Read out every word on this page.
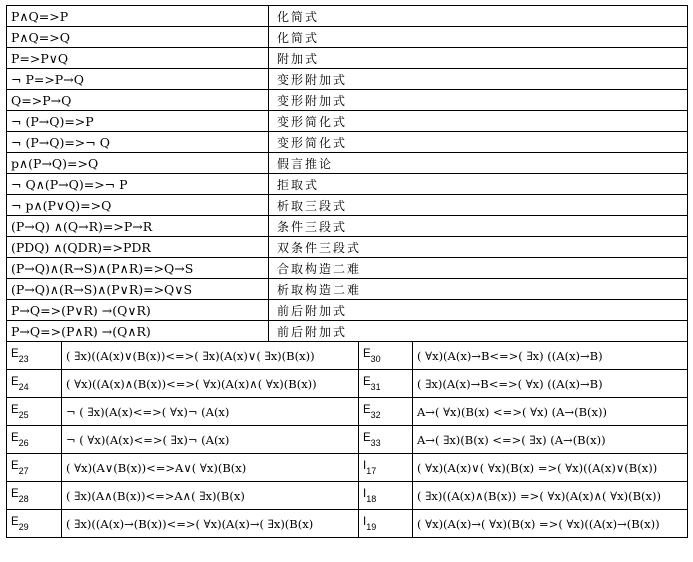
P∧Q=>P	化简式
P∧Q=>Q	化简式
P=>P∨Q	附加式
¬ P=>P→Q	变形附加式
Q=>P→Q	变形附加式
¬ (P→Q)=>P	变形简化式
¬ (P→Q)=>¬ Q	变形简化式
p∧(P→Q)=>Q	假言推论
¬ Q∧(P→Q)=>¬ P	拒取式
¬ p∧(P∨Q)=>Q	析取三段式
(P→Q) ∧(Q→R)=>P→R	条件三段式
(PDQ) ∧(QDR)=>PDR	双条件三段式
(P→Q)∧(R→S)∧(P∧R)=>Q→S	合取构造二难
(P→Q)∧(R→S)∧(P∨R)=>Q∨S	析取构造二难
P→Q=>(P∨R) →(Q∨R)	前后附加式
P→Q=>(P∧R) →(Q∧R)	前后附加式
$E_{23}$	( ∃x)((A(x)∨(B(x))<=>( ∃x)(A(x)∨( ∃x)(B(x))	$E_{30}$	( ∀x)(A(x)→B<=>( ∃x) ((A(x)→B)
$E_{24}$	( ∀x)((A(x)∧(B(x))<=>( ∀x)(A(x)∧( ∀x)(B(x))	$E_{31}$	( ∃x)(A(x)→B<=>( ∀x) ((A(x)→B)
$E_{25}$	¬ ( ∃x)(A(x)<=>( ∀x)¬ (A(x)	$E_{32}$	A→( ∀x)(B(x) <=>( ∀x) (A→(B(x))
$E_{26}$	¬ ( ∀x)(A(x)<=>( ∃x)¬ (A(x)	$E_{33}$	A→( ∃x)(B(x) <=>( ∃x) (A→(B(x))
$E_{27}$	( ∀x)(A∨(B(x))<=>A∨( ∀x)(B(x)	$I_{17}$	( ∀x)(A(x)∨( ∀x)(B(x) =>( ∀x)((A(x)∨(B(x))
$E_{28}$	( ∃x)(A∧(B(x))<=>A∧( ∃x)(B(x)	$I_{18}$	( ∃x)((A(x)∧(B(x)) =>( ∀x)(A(x)∧( ∀x)(B(x))
$E_{29}$	( ∃x)((A(x)→(B(x))<=>( ∀x)(A(x)→( ∃x)(B(x)	$I_{19}$	( ∀x)(A(x)→( ∀x)(B(x) =>( ∀x)((A(x)→(B(x))
